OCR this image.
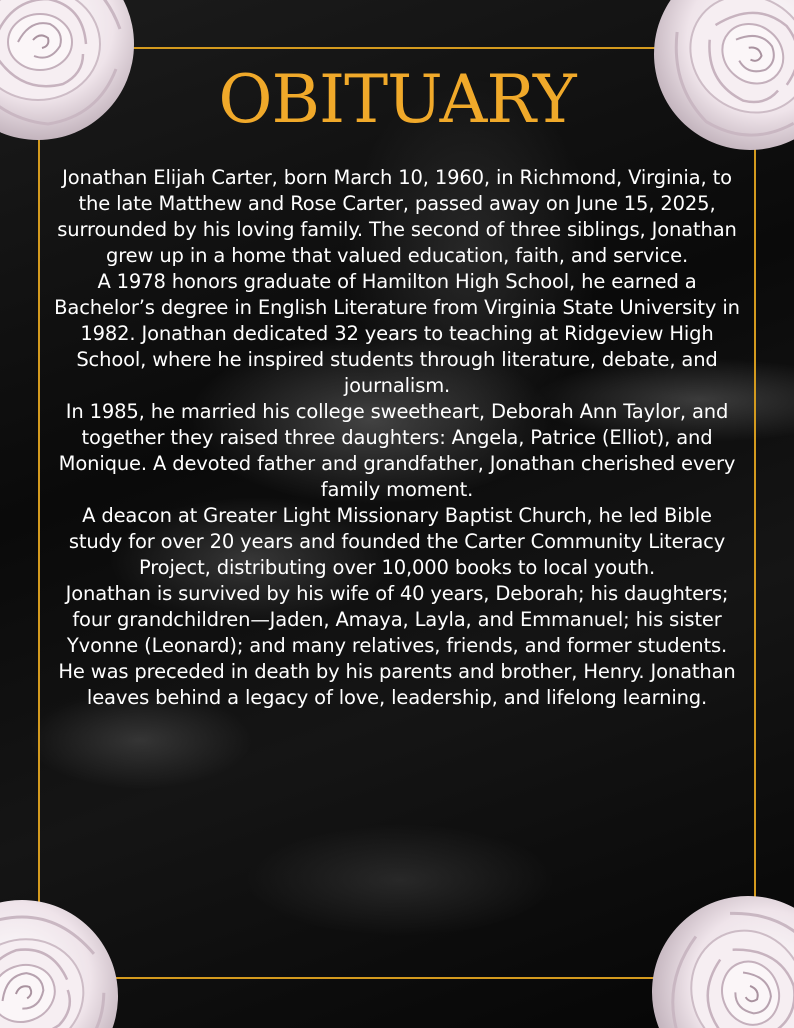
OBITUARY

Jonathan Elijah Carter, born March 10, 1960, in Richmond, Virginia, to the late Matthew and Rose Carter, passed away on June 15, 2025, surrounded by his loving family. The second of three siblings, Jonathan grew up in a home that valued education, faith, and service.

A 1978 honors graduate of Hamilton High School, he earned a Bachelor’s degree in English Literature from Virginia State University in 1982. Jonathan dedicated 32 years to teaching at Ridgeview High School, where he inspired students through literature, debate, and journalism.

In 1985, he married his college sweetheart, Deborah Ann Taylor, and together they raised three daughters: Angela, Patrice (Elliot), and Monique. A devoted father and grandfather, Jonathan cherished every family moment.

A deacon at Greater Light Missionary Baptist Church, he led Bible study for over 20 years and founded the Carter Community Literacy Project, distributing over 10,000 books to local youth.

Jonathan is survived by his wife of 40 years, Deborah; his daughters; four grandchildren—Jaden, Amaya, Layla, and Emmanuel; his sister Yvonne (Leonard); and many relatives, friends, and former students. He was preceded in death by his parents and brother, Henry. Jonathan leaves behind a legacy of love, leadership, and lifelong learning.
